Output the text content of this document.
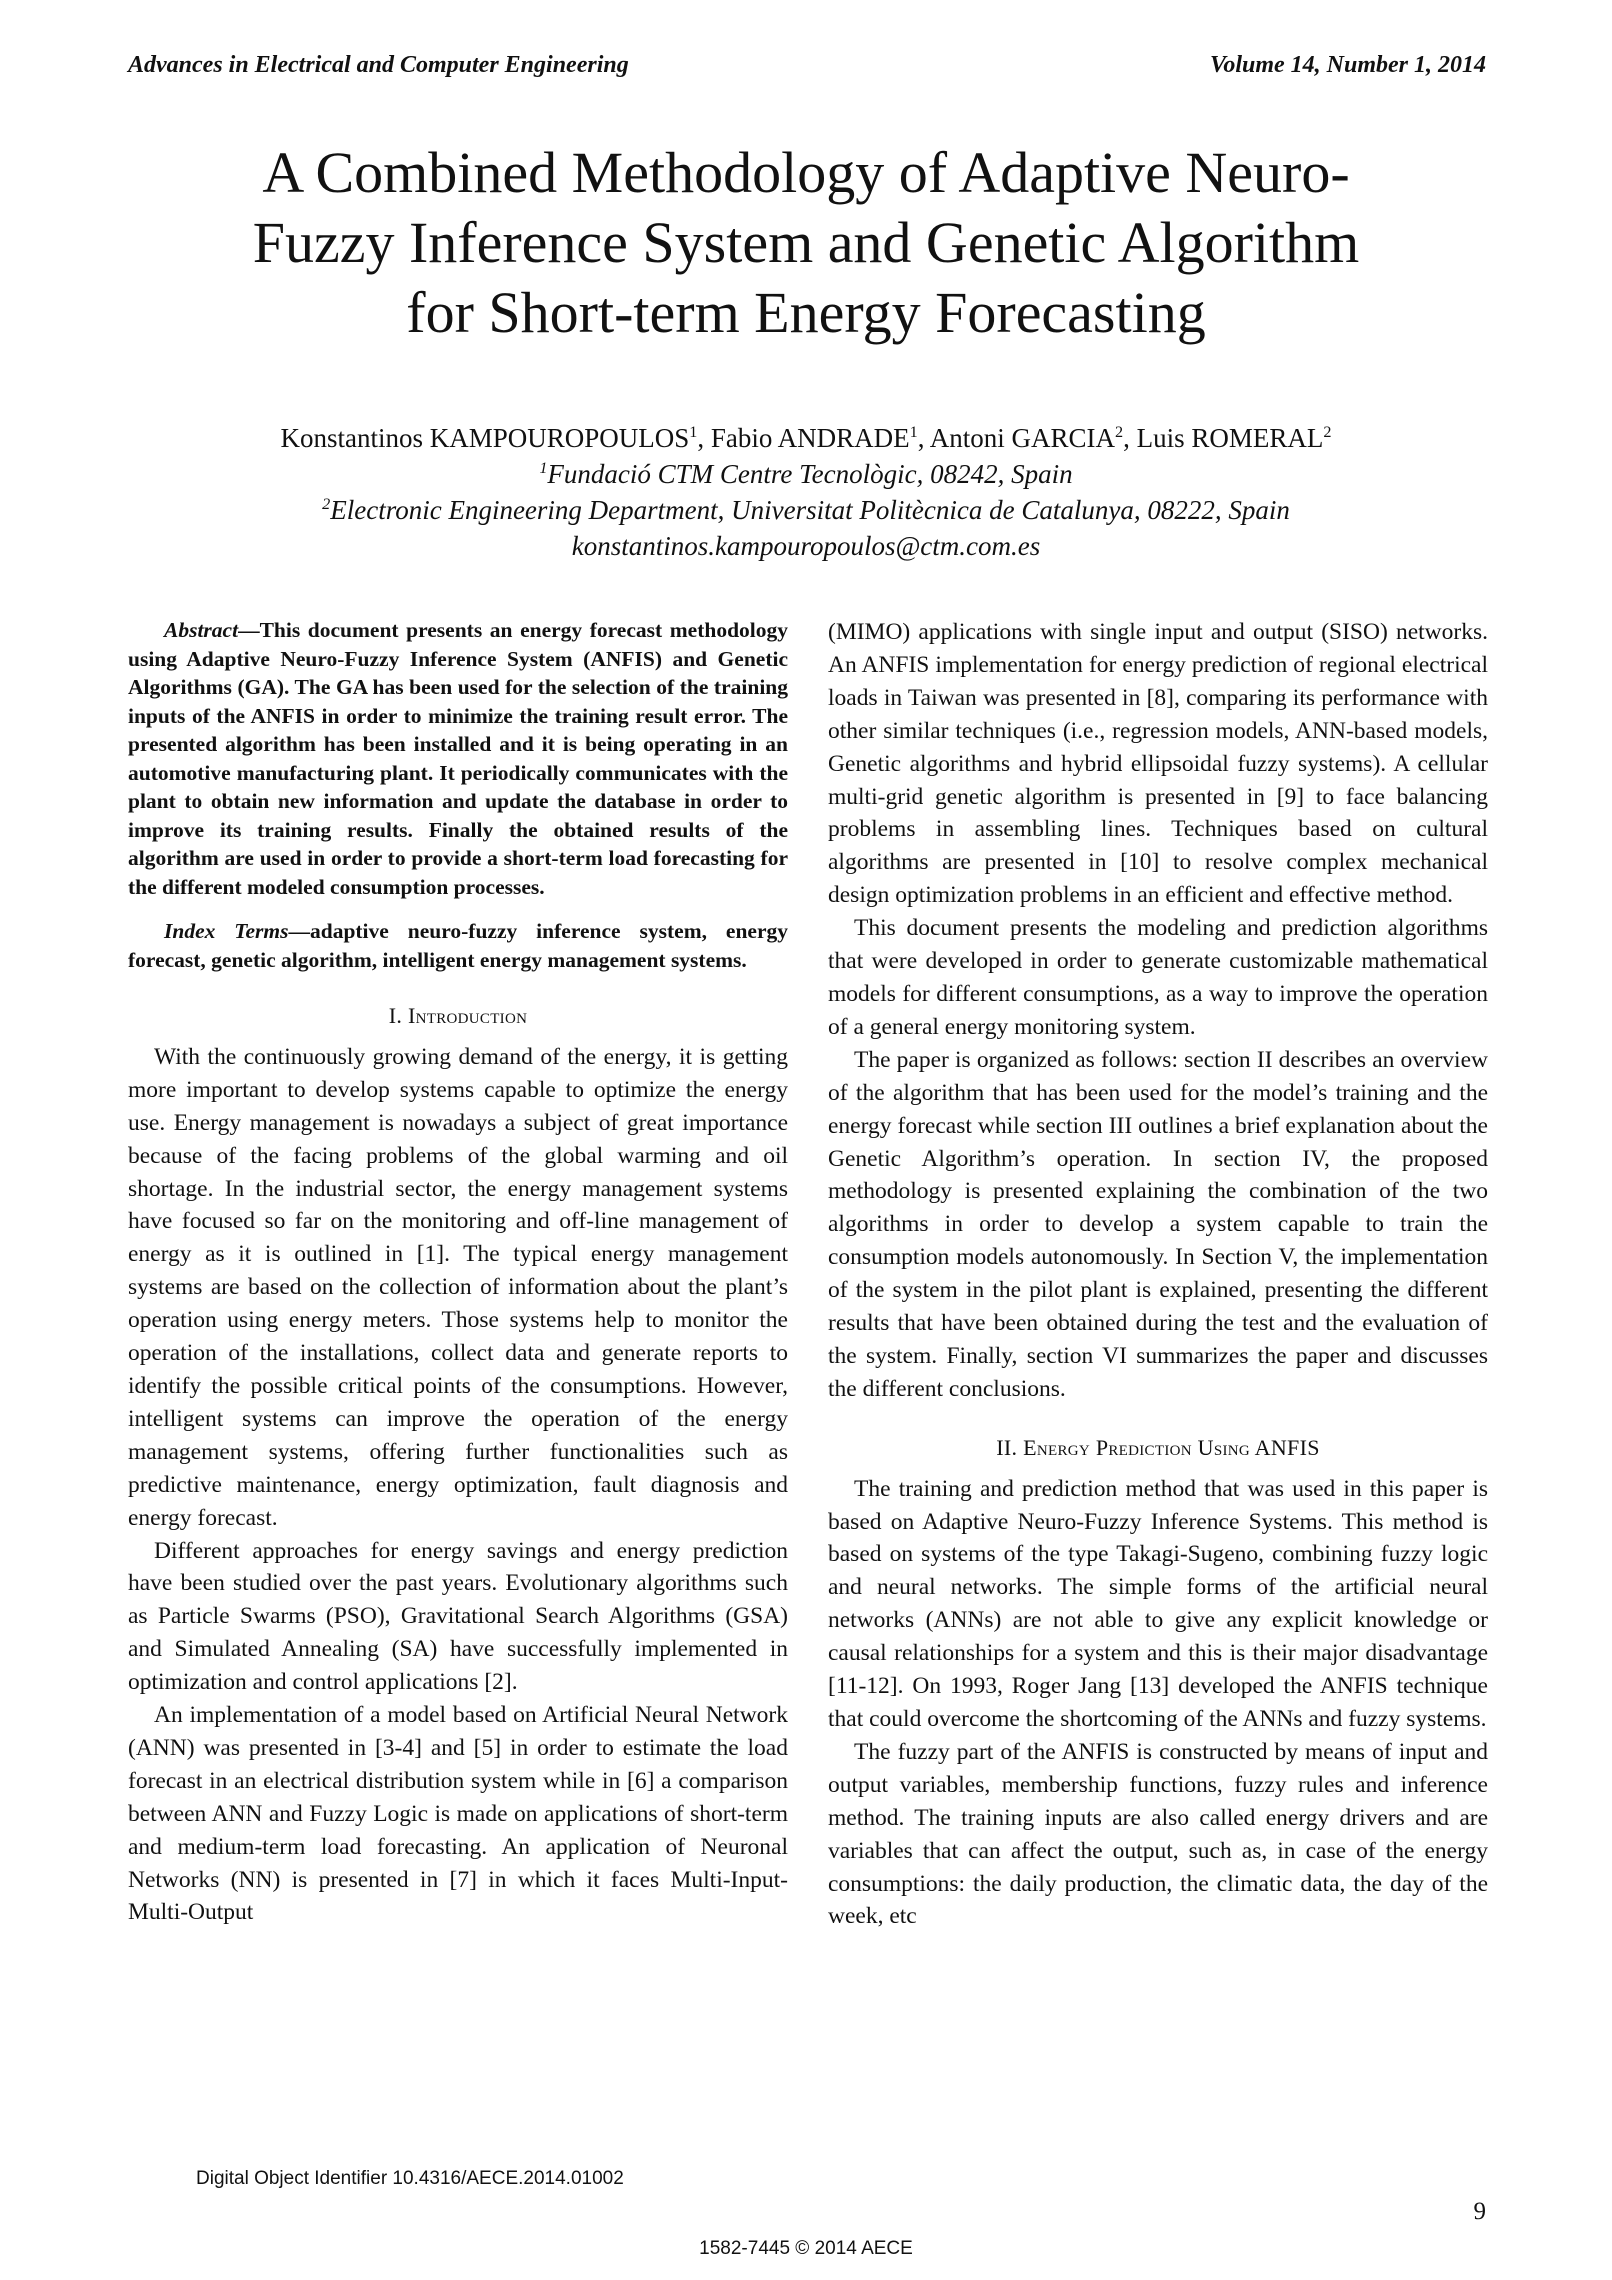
Advances in Electrical and Computer Engineering	Volume 14, Number 1, 2014
A Combined Methodology of Adaptive Neuro-
Fuzzy Inference System and Genetic Algorithm
for Short-term Energy Forecasting
Konstantinos KAMPOUROPOULOS$^1$, Fabio ANDRADE$^1$, Antoni GARCIA$^2$, Luis ROMERAL$^2$
$^1$Fundació CTM Centre Tecnològic, 08242, Spain
$^2$Electronic Engineering Department, Universitat Politècnica de Catalunya, 08222, Spain
konstantinos.kampouropoulos@ctm.com.es

Abstract—This document presents an energy forecast methodology using Adaptive Neuro-Fuzzy Inference System (ANFIS) and Genetic Algorithms (GA). The GA has been used for the selection of the training inputs of the ANFIS in order to minimize the training result error. The presented algorithm has been installed and it is being operating in an automotive manufacturing plant. It periodically communicates with the plant to obtain new information and update the database in order to improve its training results. Finally the obtained results of the algorithm are used in order to provide a short-term load forecasting for the different modeled consumption processes.

Index Terms—adaptive neuro-fuzzy inference system, energy forecast, genetic algorithm, intelligent energy management systems.

I. Introduction

With the continuously growing demand of the energy, it is getting more important to develop systems capable to optimize the energy use. Energy management is nowadays a subject of great importance because of the facing problems of the global warming and oil shortage. In the industrial sector, the energy management systems have focused so far on the monitoring and off-line management of energy as it is outlined in [1]. The typical energy management systems are based on the collection of information about the plant’s operation using energy meters. Those systems help to monitor the operation of the installations, collect data and generate reports to identify the possible critical points of the consumptions. However, intelligent systems can improve the operation of the energy management systems, offering further functionalities such as predictive maintenance, energy optimization, fault diagnosis and energy forecast.

Different approaches for energy savings and energy prediction have been studied over the past years. Evolutionary algorithms such as Particle Swarms (PSO), Gravitational Search Algorithms (GSA) and Simulated Annealing (SA) have successfully implemented in optimization and control applications [2].

An implementation of a model based on Artificial Neural Network (ANN) was presented in [3-4] and [5] in order to estimate the load forecast in an electrical distribution system while in [6] a comparison between ANN and Fuzzy Logic is made on applications of short-term and medium-term load forecasting. An application of Neuronal Networks (NN) is presented in [7] in which it faces Multi-Input-Multi-Output

(MIMO) applications with single input and output (SISO) networks. An ANFIS implementation for energy prediction of regional electrical loads in Taiwan was presented in [8], comparing its performance with other similar techniques (i.e., regression models, ANN-based models, Genetic algorithms and hybrid ellipsoidal fuzzy systems). A cellular multi-grid genetic algorithm is presented in [9] to face balancing problems in assembling lines. Techniques based on cultural algorithms are presented in [10] to resolve complex mechanical design optimization problems in an efficient and effective method.

This document presents the modeling and prediction algorithms that were developed in order to generate customizable mathematical models for different consumptions, as a way to improve the operation of a general energy monitoring system.

The paper is organized as follows: section II describes an overview of the algorithm that has been used for the model’s training and the energy forecast while section III outlines a brief explanation about the Genetic Algorithm’s operation. In section IV, the proposed methodology is presented explaining the combination of the two algorithms in order to develop a system capable to train the consumption models autonomously. In Section V, the implementation of the system in the pilot plant is explained, presenting the different results that have been obtained during the test and the evaluation of the system. Finally, section VI summarizes the paper and discusses the different conclusions.

II. Energy Prediction Using ANFIS

The training and prediction method that was used in this paper is based on Adaptive Neuro-Fuzzy Inference Systems. This method is based on systems of the type Takagi-Sugeno, combining fuzzy logic and neural networks. The simple forms of the artificial neural networks (ANNs) are not able to give any explicit knowledge or causal relationships for a system and this is their major disadvantage [11-12]. On 1993, Roger Jang [13] developed the ANFIS technique that could overcome the shortcoming of the ANNs and fuzzy systems.

The fuzzy part of the ANFIS is constructed by means of input and output variables, membership functions, fuzzy rules and inference method. The training inputs are also called energy drivers and are variables that can affect the output, such as, in case of the energy consumptions: the daily production, the climatic data, the day of the week, etc

Digital Object Identifier 10.4316/AECE.2014.01002
9
1582-7445 © 2014 AECE
